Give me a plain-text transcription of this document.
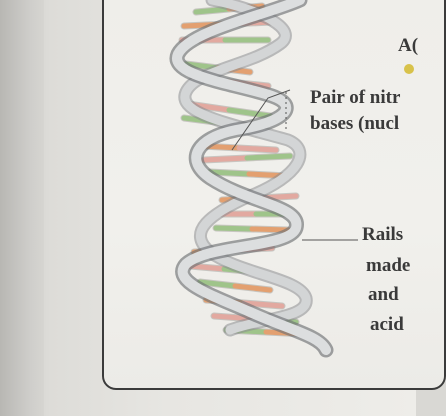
A(
Pair of nitr
bases (nucl
Rails
made
and
acid
